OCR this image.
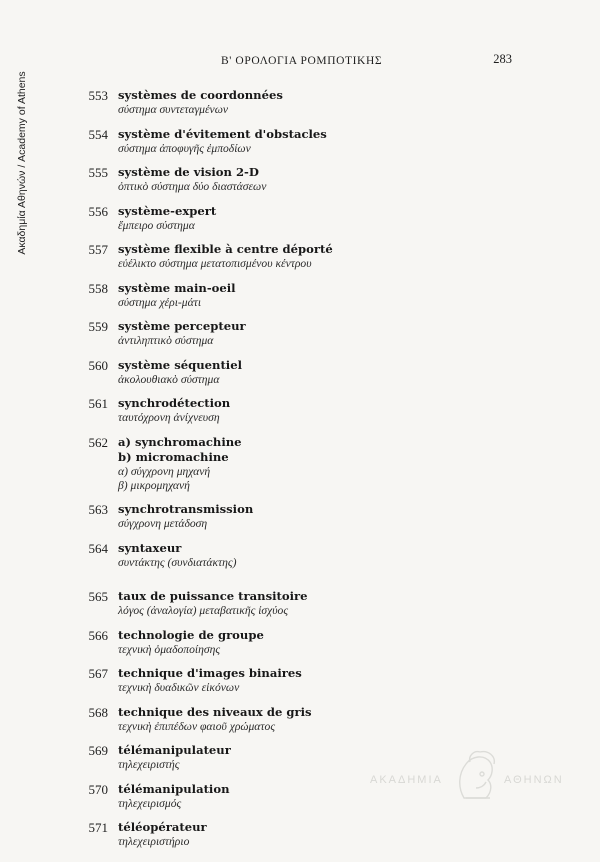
Ακαδημία Αθηνών / Academy of Athens
Β' ΟΡΟΛΟΓΙΑ ΡΟΜΠΟΤΙΚΗΣ	283
553 systèmes de coordonnées
σύστημα συντεταγμένων
554 système d'évitement d'obstacles
σύστημα ἀποφυγῆς ἐμποδίων
555 système de vision 2-D
ὀπτικὸ σύστημα δύο διαστάσεων
556 système-expert
ἔμπειρο σύστημα
557 système flexible à centre déporté
εὐέλικτο σύστημα μετατοπισμένου κέντρου
558 système main-oeil
σύστημα χέρι-μάτι
559 système percepteur
ἀντιληπτικὸ σύστημα
560 système séquentiel
ἀκολουθιακὸ σύστημα
561 synchrodétection
ταυτόχρονη ἀνίχνευση
562 a) synchromachine
b) micromachine
α) σύγχρονη μηχανή
β) μικρομηχανή
563 synchrotransmission
σύγχρονη μετάδοση
564 syntaxeur
συντάκτης (συνδιατάκτης)
565 taux de puissance transitoire
λόγος (ἀναλογία) μεταβατικῆς ἰσχύος
566 technologie de groupe
τεχνικὴ ὁμαδοποίησης
567 technique d'images binaires
τεχνικὴ δυαδικῶν εἰκόνων
568 technique des niveaux de gris
τεχνικὴ ἐπιπέδων φαιοῦ χρώματος
569 télémanipulateur
τηλεχειριστής
570 télémanipulation
τηλεχειρισμός
571 téléopérateur
τηλεχειριστήριο
ΑΚΑΔΗΜΙΑ	ΑΘΗΝΩΝ
